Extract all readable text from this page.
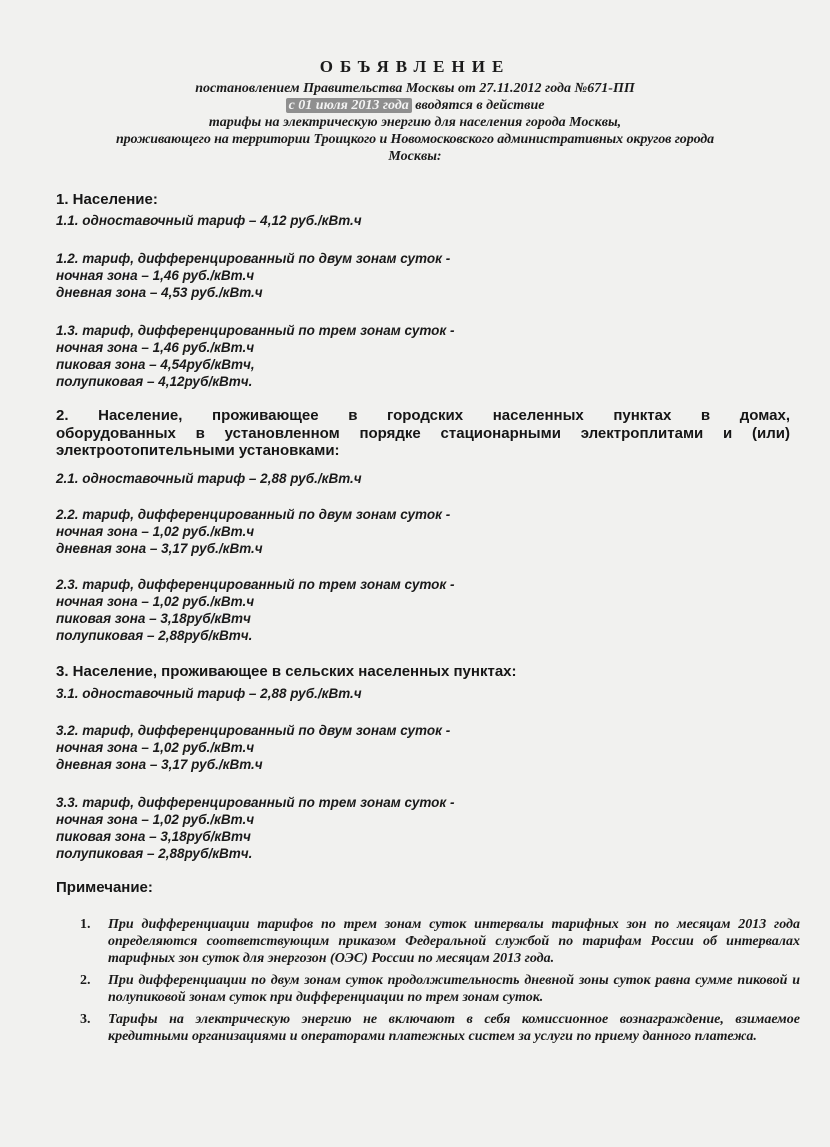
ОБЪЯВЛЕНИЕ
постановлением Правительства Москвы от 27.11.2012 года №671-ПП
с 01 июля 2013 года вводятся в действие
тарифы на электрическую энергию для населения города Москвы,
проживающего на территории Троицкого и Новомосковского административных округов города
Москвы:
1. Население:
1.1. одноставочный тариф – 4,12 руб./кВт.ч
1.2. тариф, дифференцированный по двум зонам суток -
ночная зона – 1,46 руб./кВт.ч
дневная зона – 4,53 руб./кВт.ч
1.3. тариф, дифференцированный по трем зонам суток -
ночная зона – 1,46 руб./кВт.ч
пиковая зона – 4,54руб/кВтч,
полупиковая – 4,12руб/кВтч.
2. Население, проживающее в городских населенных пунктах в домах,
оборудованных в установленном порядке стационарными электроплитами и (или)
электроотопительными установками:
2.1. одноставочный тариф – 2,88 руб./кВт.ч
2.2. тариф, дифференцированный по двум зонам суток -
ночная зона – 1,02 руб./кВт.ч
дневная зона – 3,17 руб./кВт.ч
2.3. тариф, дифференцированный по трем зонам суток -
ночная зона – 1,02 руб./кВт.ч
пиковая зона – 3,18руб/кВтч
полупиковая – 2,88руб/кВтч.
3. Население, проживающее в сельских населенных пунктах:
3.1. одноставочный тариф – 2,88 руб./кВт.ч
3.2. тариф, дифференцированный по двум зонам суток -
ночная зона – 1,02 руб./кВт.ч
дневная зона – 3,17 руб./кВт.ч
3.3. тариф, дифференцированный по трем зонам суток -
ночная зона – 1,02 руб./кВт.ч
пиковая зона – 3,18руб/кВтч
полупиковая – 2,88руб/кВтч.
Примечание:
1. При дифференциации тарифов по трем зонам суток интервалы тарифных зон по месяцам 2013 года определяются соответствующим приказом Федеральной службой по тарифам России об интервалах тарифных зон суток для энергозон (ОЭС) России по месяцам 2013 года.
2. При дифференциации по двум зонам суток продолжительность дневной зоны суток равна сумме пиковой и полупиковой зонам суток при дифференциации по трем зонам суток.
3. Тарифы на электрическую энергию не включают в себя комиссионное вознаграждение, взимаемое кредитными организациями и операторами платежных систем за услуги по приему данного платежа.
